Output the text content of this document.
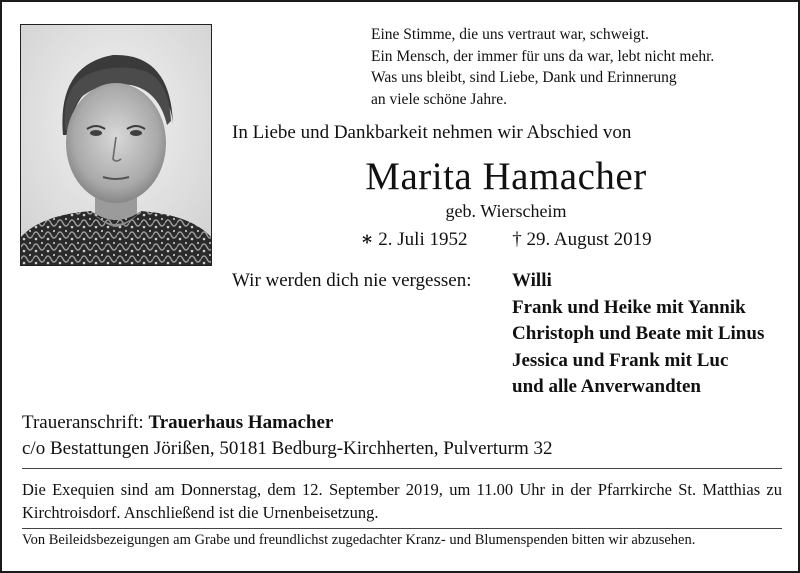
Eine Stimme, die uns vertraut war, schweigt.
Ein Mensch, der immer für uns da war, lebt nicht mehr.
Was uns bleibt, sind Liebe, Dank und Erinnerung
an viele schöne Jahre.
In Liebe und Dankbarkeit nehmen wir Abschied von
Marita Hamacher
geb. Wierscheim
∗ 2. Juli 1952 † 29. August 2019
Wir werden dich nie vergessen: Willi
Frank und Heike mit Yannik
Christoph und Beate mit Linus
Jessica und Frank mit Luc
und alle Anverwandten
Traueranschrift: Trauerhaus Hamacher
c/o Bestattungen Jörißen, 50181 Bedburg-Kirchherten, Pulverturm 32
Die Exequien sind am Donnerstag, dem 12. September 2019, um 11.00 Uhr in der Pfarrkirche St. Matthias zu Kirchtroisdorf. Anschließend ist die Urnenbeisetzung.
Von Beileidsbezeigungen am Grabe und freundlichst zugedachter Kranz- und Blumenspenden bitten wir abzusehen.
